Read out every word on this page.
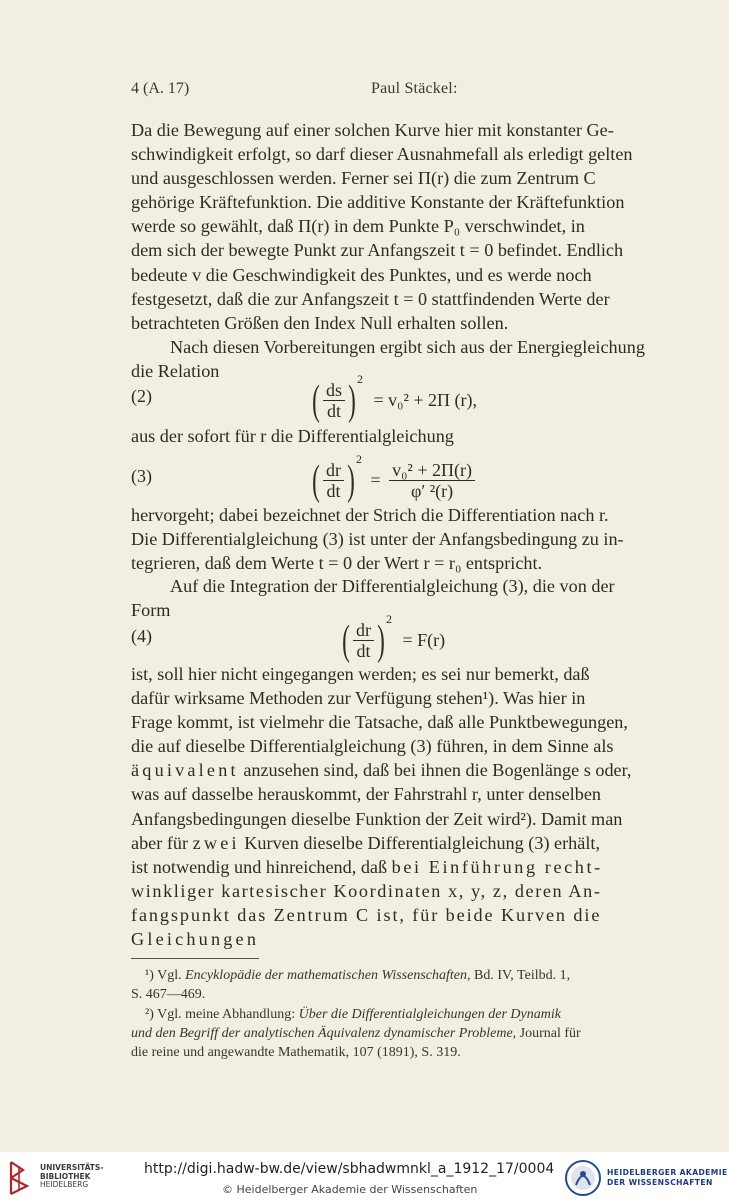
4 (A. 17)	Paul Stäckel:

Da die Bewegung auf einer solchen Kurve hier mit konstanter Ge-

schwindigkeit erfolgt, so darf dieser Ausnahmefall als erledigt gelten

und ausgeschlossen werden. Ferner sei Π(r) die zum Zentrum C

gehörige Kräftefunktion. Die additive Konstante der Kräftefunktion

werde so gewählt, daß Π(r) in dem Punkte P₀ verschwindet, in

dem sich der bewegte Punkt zur Anfangszeit t = 0 befindet. Endlich

bedeute v die Geschwindigkeit des Punktes, und es werde noch

festgesetzt, daß die zur Anfangszeit t = 0 stattfindenden Werte der

betrachteten Größen den Index Null erhalten sollen.

Nach diesen Vorbereitungen ergibt sich aus der Energiegleichung

die Relation

(2)	( $\frac{ds}{dt} )^2 = v_0^2 + 2\Pi$ (r),

aus der sofort für r die Differentialgleichung

(3)	( $\frac{dr}{dt} )^2 = \frac{\text{v₀² + 2Π(r)}}{\text{φ′ ²(r)}}$

hervorgeht; dabei bezeichnet der Strich die Differentiation nach r.

Die Differentialgleichung (3) ist unter der Anfangsbedingung zu in-

tegrieren, daß dem Werte t = 0 der Wert r = r₀ entspricht.

Auf die Integration der Differentialgleichung (3), die von der

Form

(4)	( $\frac{dr}{dt} )^2 = F(r)$

ist, soll hier nicht eingegangen werden; es sei nur bemerkt, daß

dafür wirksame Methoden zur Verfügung stehen¹). Was hier in

Frage kommt, ist vielmehr die Tatsache, daß alle Punktbewegungen,

die auf dieselbe Differentialgleichung (3) führen, in dem Sinne als

äquivalent anzusehen sind, daß bei ihnen die Bogenlänge s oder,

was auf dasselbe herauskommt, der Fahrstrahl r, unter denselben

Anfangsbedingungen dieselbe Funktion der Zeit wird²). Damit man

aber für zwei Kurven dieselbe Differentialgleichung (3) erhält,

ist notwendig und hinreichend, daß bei Einführung recht-

winkliger kartesischer Koordinaten x, y, z, deren An-

fangspunkt das Zentrum C ist, für beide Kurven die

Gleichungen

¹) Vgl. Encyklopädie der mathematischen Wissenschaften, Bd. IV, Teilbd. 1,

S. 467—469.

²) Vgl. meine Abhandlung: Über die Differentialgleichungen der Dynamik

und den Begriff der analytischen Äquivalenz dynamischer Probleme, Journal für

die reine und angewandte Mathematik, 107 (1891), S. 319.

UNIVERSITÄTS-
BIBLIOTHEK
HEIDELBERG
http://digi.hadw-bw.de/view/sbhadwmnkl_a_1912_17/0004
© Heidelberger Akademie der Wissenschaften
HEIDELBERGER AKADEMIE
DER WISSENSCHAFTEN
